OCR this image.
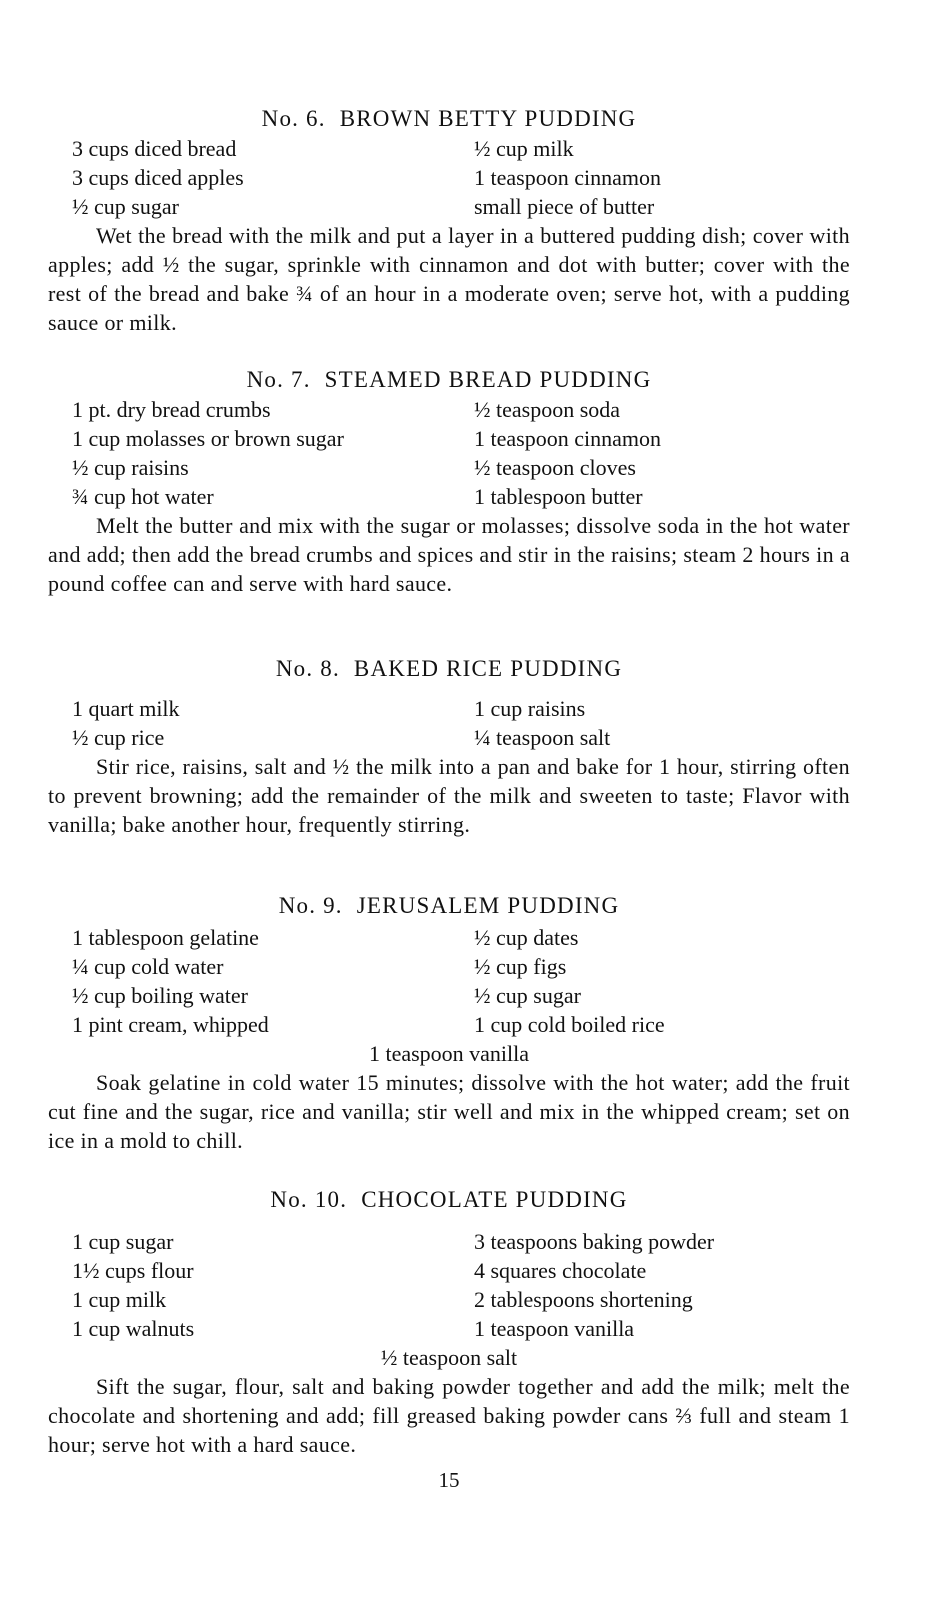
No. 6. BROWN BETTY PUDDING
3 cups diced bread	½ cup milk
3 cups diced apples	1 teaspoon cinnamon
½ cup sugar	small piece of butter

Wet the bread with the milk and put a layer in a buttered pudding dish; cover with apples; add ½ the sugar, sprinkle with cinnamon and dot with butter; cover with the rest of the bread and bake ¾ of an hour in a moderate oven; serve hot, with a pudding sauce or milk.

No. 7. STEAMED BREAD PUDDING
1 pt. dry bread crumbs	½ teaspoon soda
1 cup molasses or brown sugar	1 teaspoon cinnamon
½ cup raisins	½ teaspoon cloves
¾ cup hot water	1 tablespoon butter

Melt the butter and mix with the sugar or molasses; dissolve soda in the hot water and add; then add the bread crumbs and spices and stir in the raisins; steam 2 hours in a pound coffee can and serve with hard sauce.

No. 8. BAKED RICE PUDDING
1 quart milk	1 cup raisins
½ cup rice	¼ teaspoon salt

Stir rice, raisins, salt and ½ the milk into a pan and bake for 1 hour, stirring often to prevent browning; add the remainder of the milk and sweeten to taste; Flavor with vanilla; bake another hour, frequently stirring.

No. 9. JERUSALEM PUDDING
1 tablespoon gelatine	½ cup dates
¼ cup cold water	½ cup figs
½ cup boiling water	½ cup sugar
1 pint cream, whipped	1 cup cold boiled rice
1 teaspoon vanilla

Soak gelatine in cold water 15 minutes; dissolve with the hot water; add the fruit cut fine and the sugar, rice and vanilla; stir well and mix in the whipped cream; set on ice in a mold to chill.

No. 10. CHOCOLATE PUDDING
1 cup sugar	3 teaspoons baking powder
1½ cups flour	4 squares chocolate
1 cup milk	2 tablespoons shortening
1 cup walnuts	1 teaspoon vanilla
½ teaspoon salt

Sift the sugar, flour, salt and baking powder together and add the milk; melt the chocolate and shortening and add; fill greased baking powder cans ⅔ full and steam 1 hour; serve hot with a hard sauce.

15
